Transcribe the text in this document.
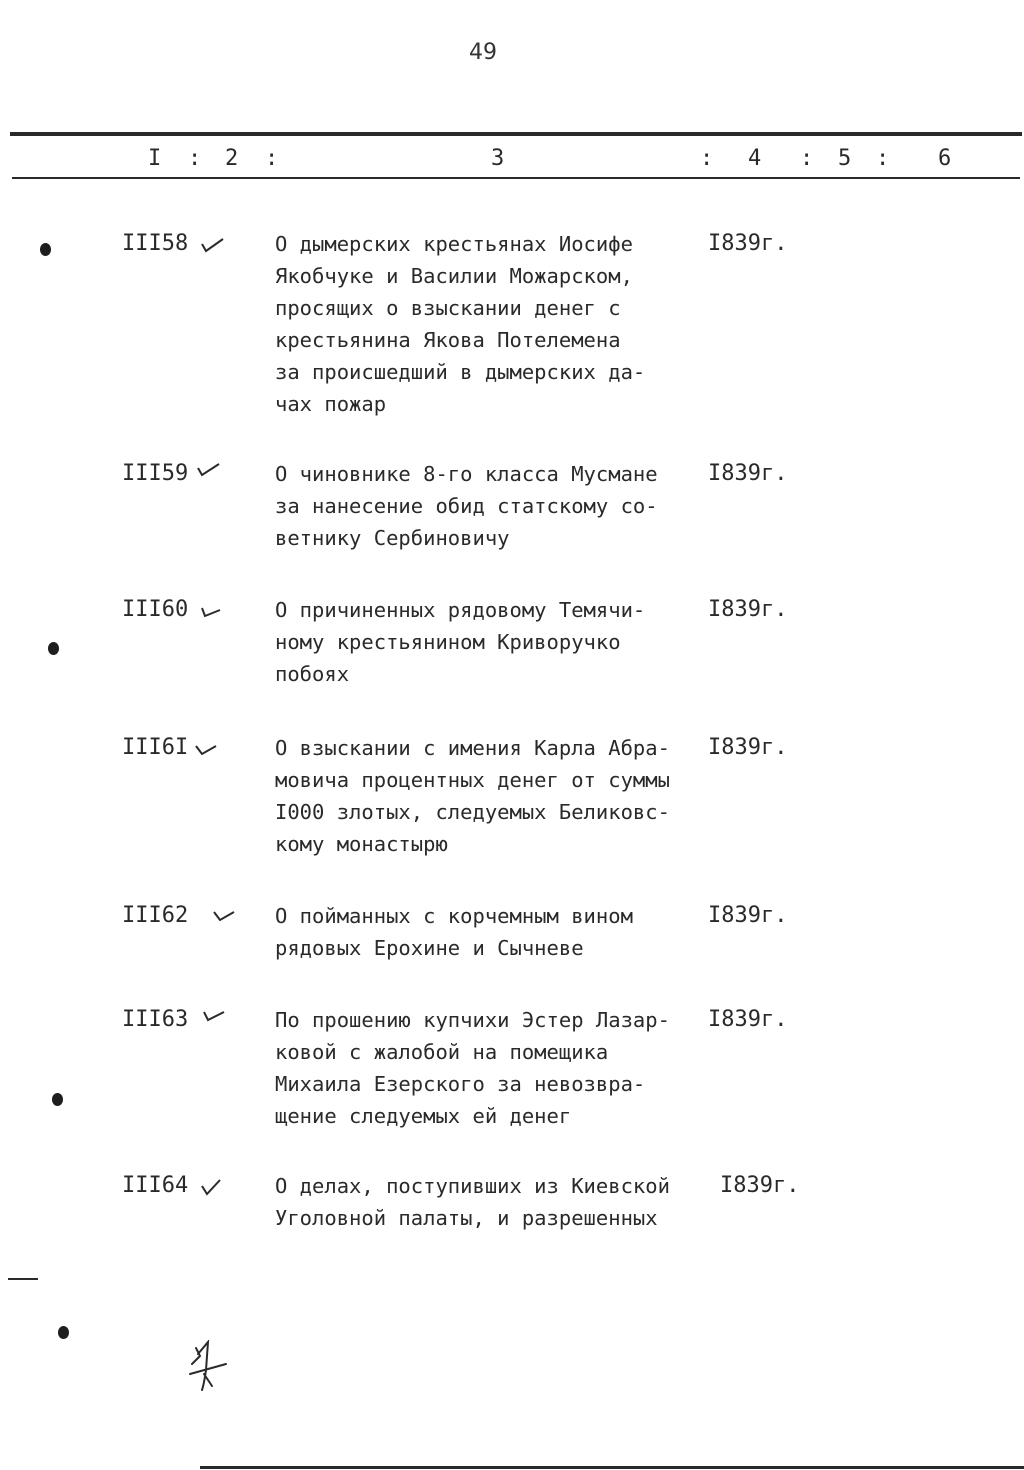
49
I : 2 :	3	: 4 : 5 : 6
III58	О дымерских крестьянах Иосифе
Якобчуке и Василии Можарском,
просящих о взыскании денег с
крестьянина Якова Потелемена
за происшедший в дымерских да-
чах пожар
I839г.
III59	О чиновнике 8-го класса Мусмане
за нанесение обид статскому со-
ветнику Сербиновичу
I839г.
III60	О причиненных рядовому Темячи-
ному крестьянином Криворучко
побоях
I839г.
III6I	О взыскании с имения Карла Абра-
мовича процентных денег от суммы
I000 злотых, следуемых Беликовс-
кому монастырю
I839г.
III62	О пойманных с корчемным вином
рядовых Ерохине и Сычневе
I839г.
III63	По прошению купчихи Эстер Лазар-
ковой с жалобой на помещика
Михаила Езерского за невозвра-
щение следуемых ей денег
I839г.
III64	О делах, поступивших из Киевской
Уголовной палаты, и разрешенных
I839г.
